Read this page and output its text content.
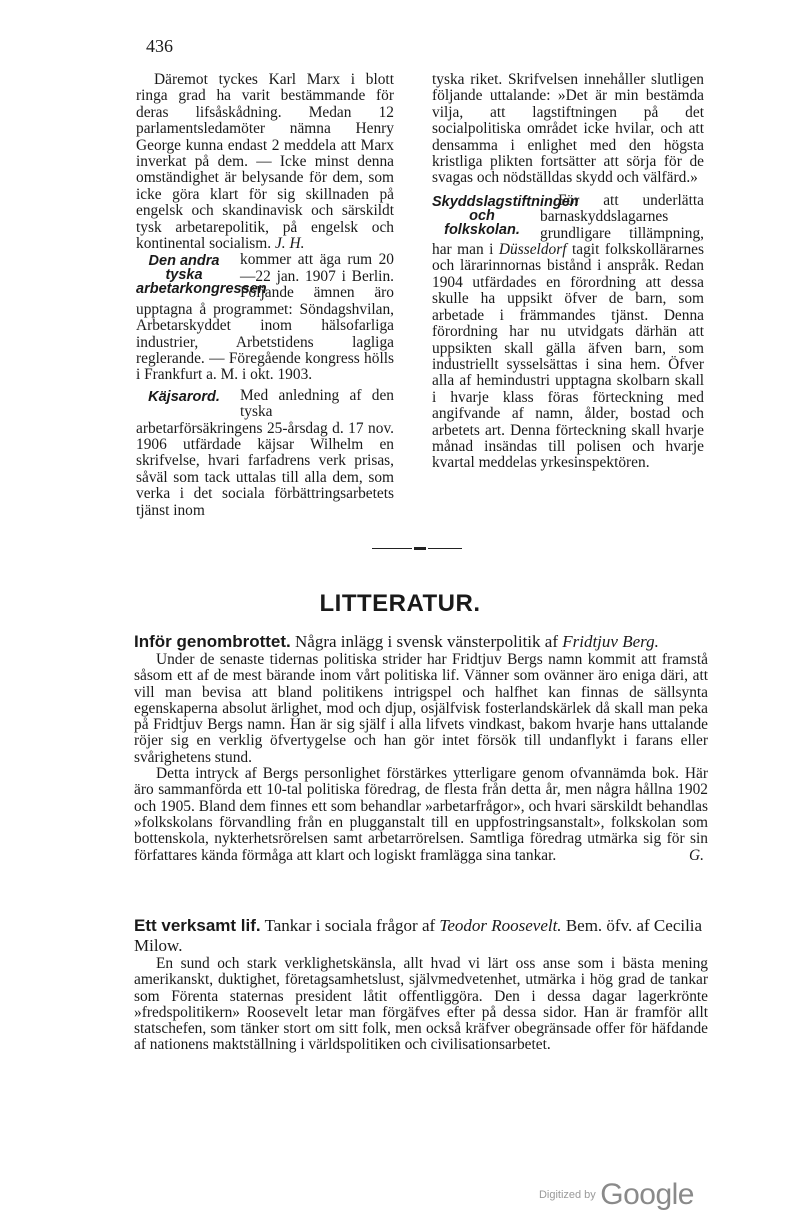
436

Däremot tyckes Karl Marx i blott ringa grad ha varit bestämmande för deras lifsåskådning. Medan 12 parlamentsledamöter nämna Henry George kunna endast 2 meddela att Marx inverkat på dem. — Icke minst denna omständighet är belysande för dem, som icke göra klart för sig skillnaden på engelsk och skandinavisk och särskildt tysk arbetarepolitik, på engelsk och kontinental socialism. J. H.

Den andra tyska arbetarkongressen

kommer att äga rum 20—22 jan. 1907 i Berlin. Följande ämnen äro upptagna å programmet: Söndagshvilan, Arbetarskyddet inom hälsofarliga industrier, Arbetstidens lagliga reglerande. — Föregående kongress hölls i Frankfurt a. M. i okt. 1903.

Käjsarord.	Med anledning af den tyska arbetarförsäkringens 25-årsdag d. 17 nov. 1906 utfärdade käjsar Wilhelm en skrifvelse, hvari farfadrens verk prisas, såväl som tack uttalas till alla dem, som verka i det sociala förbättringsarbetets tjänst inom

tyska riket. Skrifvelsen innehåller slutligen följande uttalande: »Det är min bestämda vilja, att lagstiftningen på det socialpolitiska området icke hvilar, och att densamma i enlighet med den högsta kristliga plikten fortsätter att sörja för de svagas och nödställdas skydd och välfärd.»

Skyddslagstiftningen och folkskolan.

För att underlätta barnaskyddslagarnes grundligare tillämpning, har man i Düsseldorf tagit folkskollärarnes och lärarinnornas bistånd i anspråk. Redan 1904 utfärdades en förordning att dessa skulle ha uppsikt öfver de barn, som arbetade i främmandes tjänst. Denna förordning har nu utvidgats därhän att uppsikten skall gälla äfven barn, som industriellt sysselsättas i sina hem. Öfver alla af hemindustri upptagna skolbarn skall i hvarje klass föras förteckning med angifvande af namn, ålder, bostad och arbetets art. Denna förteckning skall hvarje månad insändas till polisen och hvarje kvartal meddelas yrkesinspektören.

LITTERATUR.
Inför genombrottet. Några inlägg i svensk vänsterpolitik af Fridtjuv Berg.

Under de senaste tidernas politiska strider har Fridtjuv Bergs namn kommit att framstå såsom ett af de mest bärande inom vårt politiska lif. Vänner som ovänner äro eniga däri, att vill man bevisa att bland politikens intrigspel och halfhet kan finnas de sällsynta egenskaperna absolut ärlighet, mod och djup, osjälfvisk fosterlandskärlek då skall man peka på Fridtjuv Bergs namn. Han är sig själf i alla lifvets vindkast, bakom hvarje hans uttalande röjer sig en verklig öfvertygelse och han gör intet försök till undanflykt i farans eller svårighetens stund.

Detta intryck af Bergs personlighet förstärkes ytterligare genom ofvannämda bok. Här äro sammanförda ett 10-tal politiska föredrag, de flesta från detta år, men några hållna 1902 och 1905. Bland dem finnes ett som behandlar »arbetarfrågor», och hvari särskildt behandlas »folkskolans förvandling från en plugganstalt till en uppfostringsanstalt», folkskolan som bottenskola, nykterhetsrörelsen samt arbetarrörelsen. Samtliga föredrag utmärka sig för sin författares kända förmåga att klart och logiskt framlägga sina tankar.	G.

Ett verksamt lif. Tankar i sociala frågor af Teodor Roosevelt. Bem. öfv. af Cecilia Milow.

En sund och stark verklighetskänsla, allt hvad vi lärt oss anse som i bästa mening amerikanskt, duktighet, företagsamhetslust, självmedvetenhet, utmärka i hög grad de tankar som Förenta staternas president låtit offentliggöra. Den i dessa dagar lagerkrönte »fredspolitikern» Roosevelt letar man förgäfves efter på dessa sidor. Han är framför allt statschefen, som tänker stort om sitt folk, men också kräfver obegränsade offer för häfdande af nationens maktställning i världspolitiken och civilisationsarbetet.

Digitized by Google
